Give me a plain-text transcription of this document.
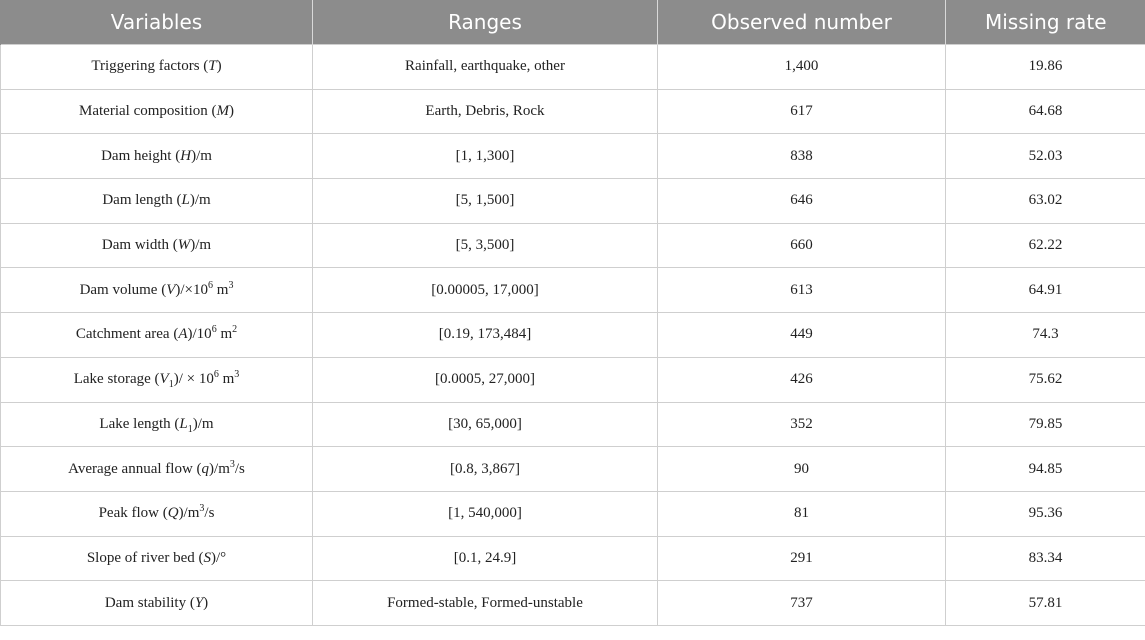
Variables	Ranges	Observed number	Missing rate
Triggering factors (T)	Rainfall, earthquake, other	1,400	19.86
Material composition (M)	Earth, Debris, Rock	617	64.68
Dam height (H)/m	[1, 1,300]	838	52.03
Dam length (L)/m	[5, 1,500]	646	63.02
Dam width (W)/m	[5, 3,500]	660	62.22
Dam volume $(V)/\times 10^6$ $m^3$	[0.00005, 17,000]	613	64.91
Catchment area $(A)/10^6$ $m^2$	[0.19, 173,484]	449	74.3
Lake storage $(V_1)/ \times 10^6$ $m^3$	[0.0005, 27,000]	426	75.62
Lake length $(L_1)/m$	[30, 65,000]	352	79.85
Average annual flow $(q)/m^3/s$	[0.8, 3,867]	90	94.85
Peak flow $(Q)/m^3/s$	[1, 540,000]	81	95.36
Slope of river bed (S)/°	[0.1, 24.9]	291	83.34
Dam stability (Y)	Formed-stable, Formed-unstable	737	57.81
